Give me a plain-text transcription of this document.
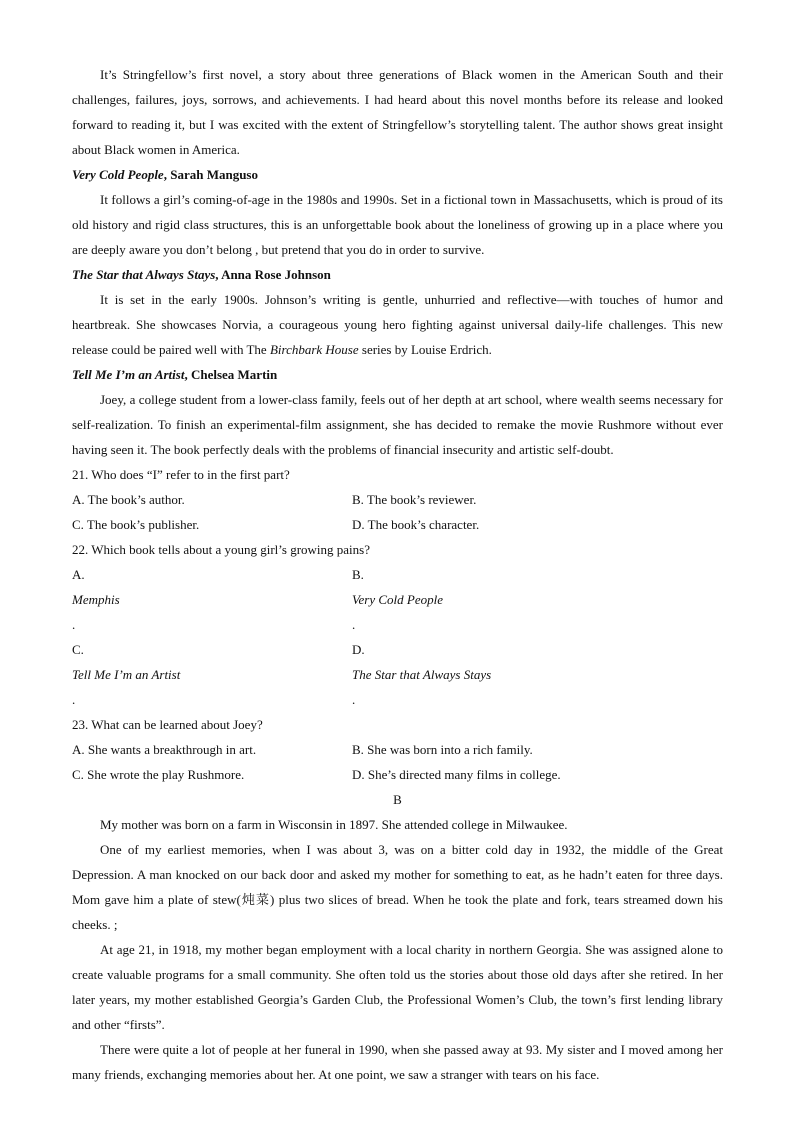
It’s Stringfellow’s first novel, a story about three generations of Black women in the American South and their challenges, failures, joys, sorrows, and achievements. I had heard about this novel months before its release and looked forward to reading it, but I was excited with the extent of Stringfellow’s storytelling talent. The author shows great insight about Black women in America.

Very Cold People, Sarah Manguso

It follows a girl’s coming-of-age in the 1980s and 1990s. Set in a fictional town in Massachusetts, which is proud of its old history and rigid class structures, this is an unforgettable book about the loneliness of growing up in a place where you are deeply aware you don’t belong , but pretend that you do in order to survive.

The Star that Always Stays, Anna Rose Johnson

It is set in the early 1900s. Johnson’s writing is gentle, unhurried and reflective—with touches of humor and heartbreak. She showcases Norvia, a courageous young hero fighting against universal daily-life challenges. This new release could be paired well with The Birchbark House series by Louise Erdrich.

Tell Me I’m an Artist, Chelsea Martin

Joey, a college student from a lower-class family, feels out of her depth at art school, where wealth seems necessary for self-realization. To finish an experimental-film assignment, she has decided to remake the movie Rushmore without ever having seen it. The book perfectly deals with the problems of financial insecurity and artistic self-doubt.

21. Who does “I” refer to in the first part?

A. The book’s author.	B. The book’s reviewer.
C. The book’s publisher.	D. The book’s character.

22. Which book tells about a young girl’s growing pains?

A.
Memphis
.
B.
Very Cold People
.
C.
Tell Me I’m an Artist
.
D.
The Star that Always Stays
.

23. What can be learned about Joey?

A. She wants a breakthrough in art.	B. She was born into a rich family.
C. She wrote the play Rushmore.	D. She’s directed many films in college.

B

My mother was born on a farm in Wisconsin in 1897. She attended college in Milwaukee.

One of my earliest memories, when I was about 3, was on a bitter cold day in 1932, the middle of the Great Depression. A man knocked on our back door and asked my mother for something to eat, as he hadn’t eaten for three days. Mom gave him a plate of stew(炖菜) plus two slices of bread. When he took the plate and fork, tears streamed down his cheeks. ;

At age 21, in 1918, my mother began employment with a local charity in northern Georgia. She was assigned alone to create valuable programs for a small community. She often told us the stories about those old days after she retired. In her later years, my mother established Georgia’s Garden Club, the Professional Women’s Club, the town’s first lending library and other “firsts”.

There were quite a lot of people at her funeral in 1990, when she passed away at 93. My sister and I moved among her many friends, exchanging memories about her. At one point, we saw a stranger with tears on his face.
